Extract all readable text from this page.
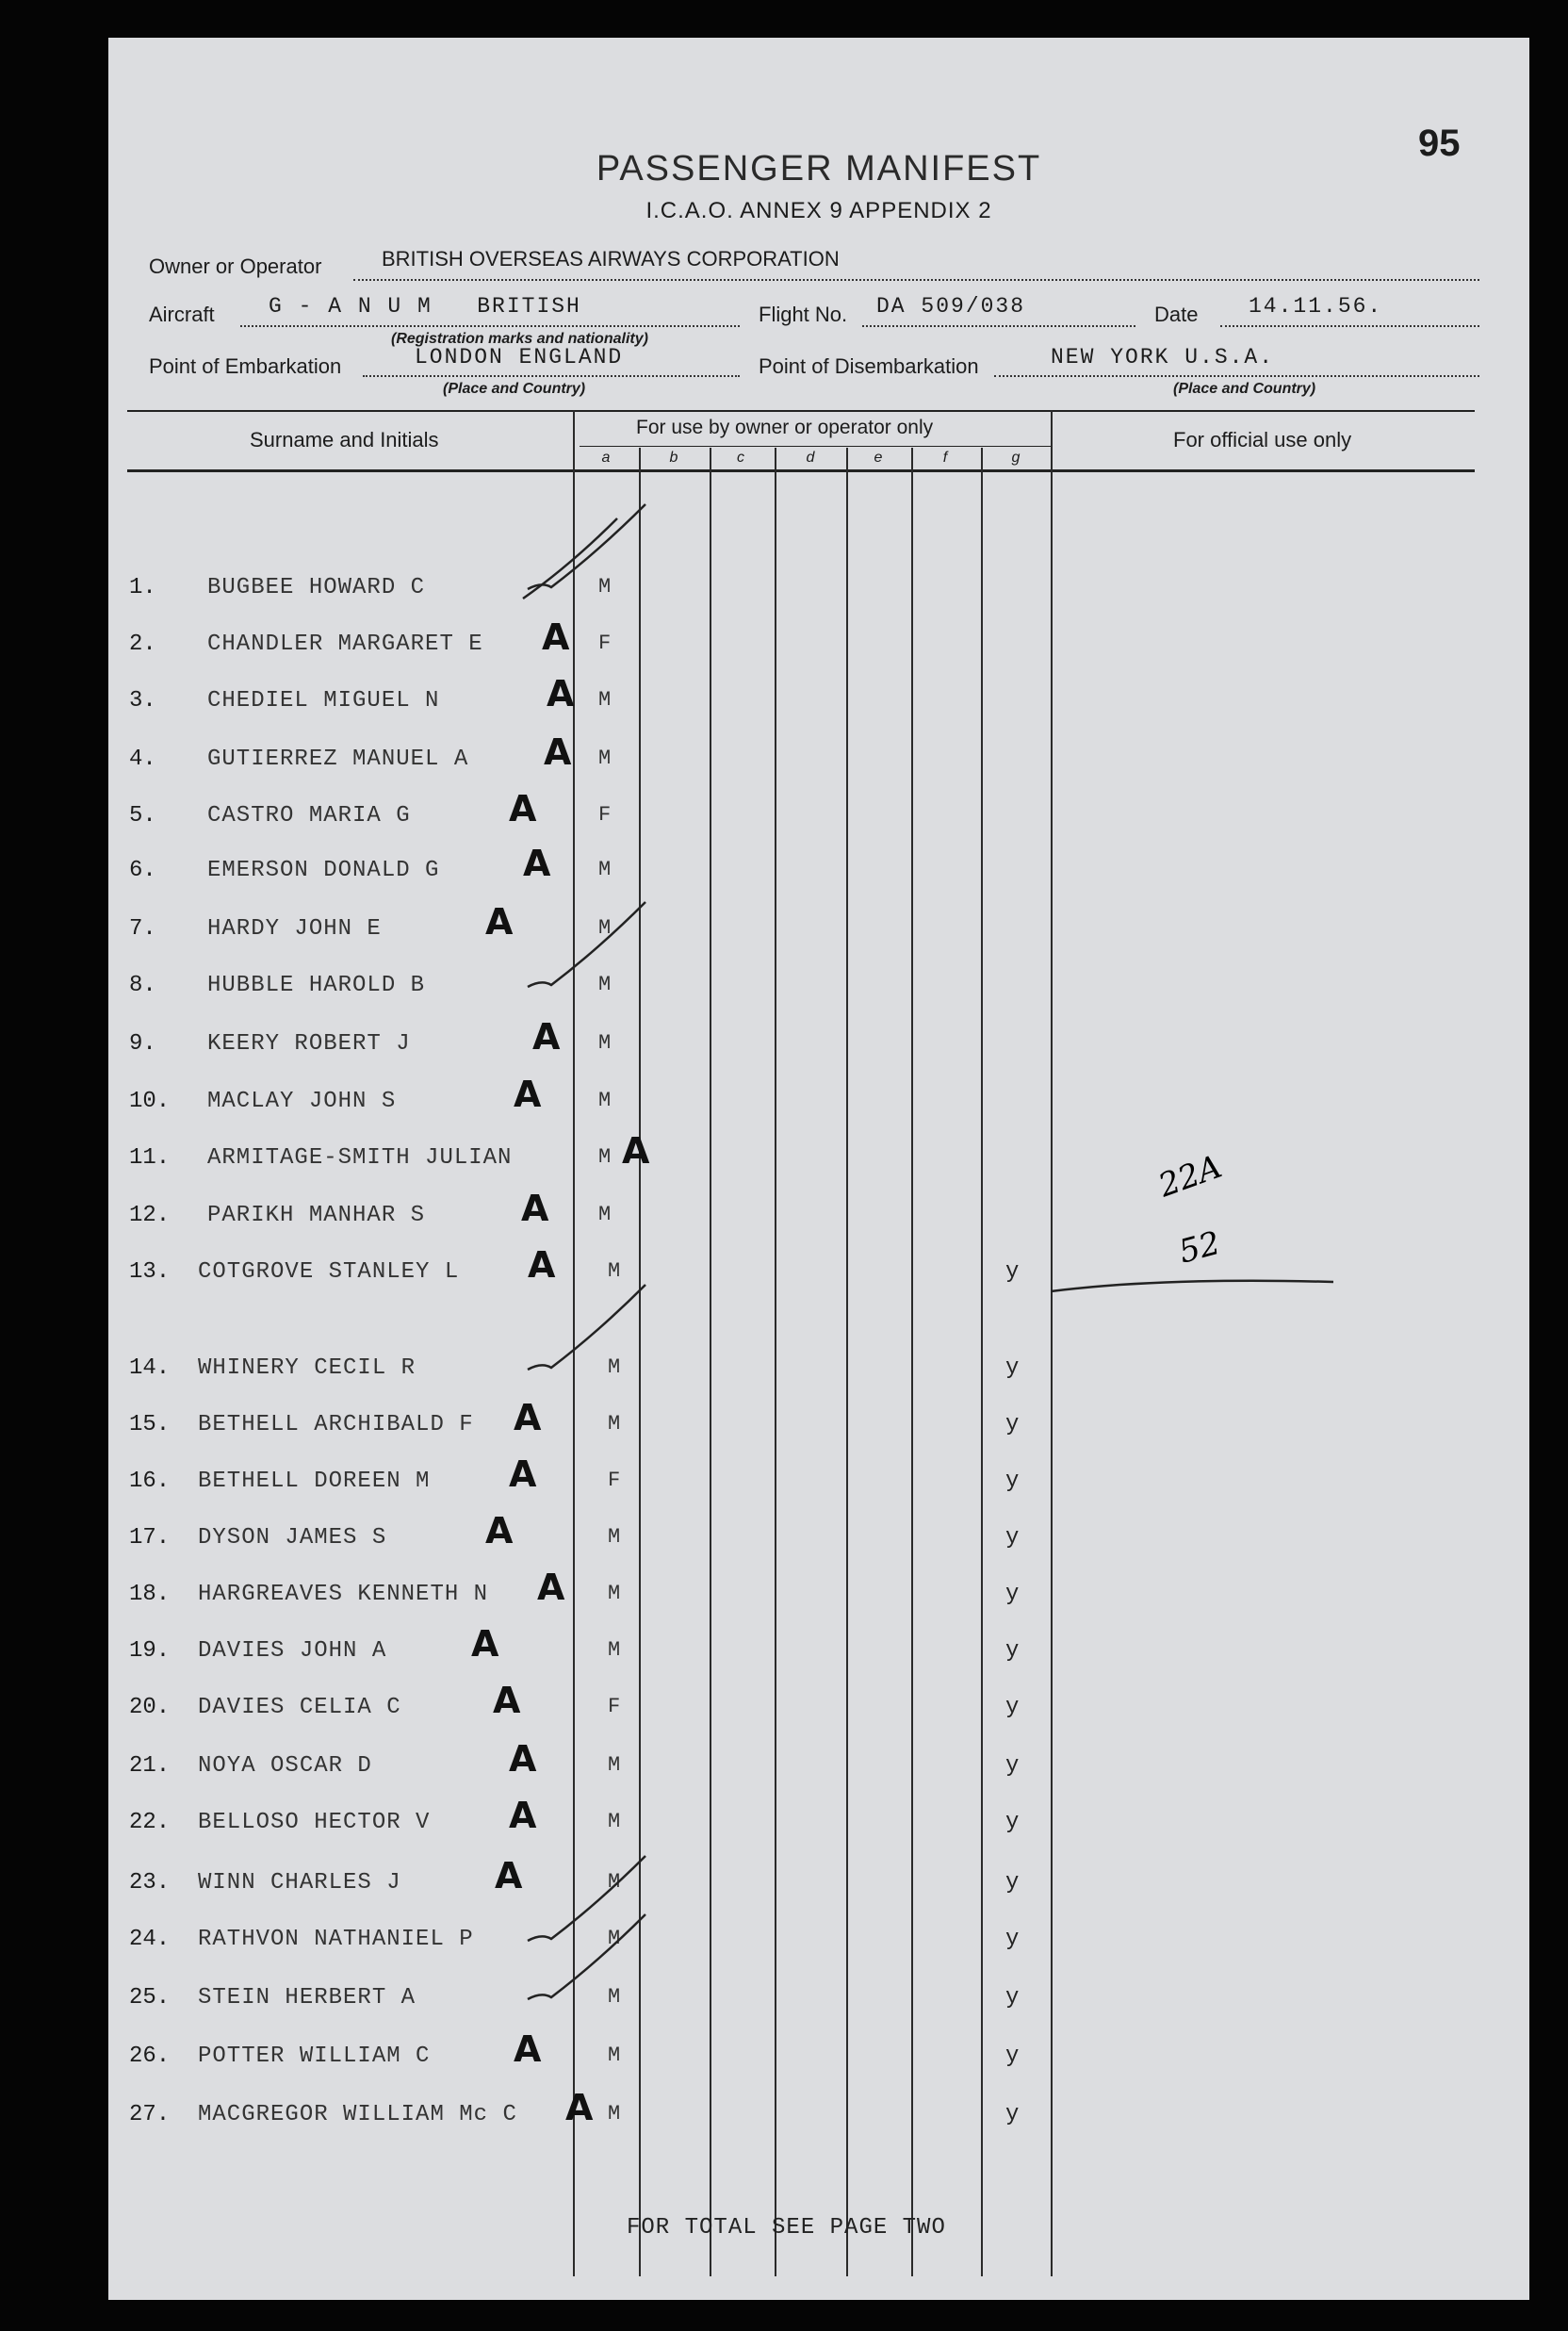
95
PASSENGER MANIFEST
I.C.A.O. ANNEX 9 APPENDIX 2
Owner or Operator	BRITISH OVERSEAS AIRWAYS CORPORATION
Aircraft G - A N U M   BRITISH
(Registration marks and nationality)
Flight No. DA 509/038	Date 14.11.56.
Point of Embarkation	LONDON ENGLAND
(Place and Country)
Point of Disembarkation	NEW YORK U.S.A.
(Place and Country)
Surname and Initials
For use by owner or operator only
For official use only
a	b	c	d	e	f	g
1. BUGBEE HOWARD C	M
2. CHANDLER MARGARET E	F
A
3. CHEDIEL MIGUEL N	M
A
4. GUTIERREZ MANUEL A	M
A
5. CASTRO MARIA G	F
A
6. EMERSON DONALD G	M
A
7. HARDY JOHN E	M
A
8. HUBBLE HAROLD B	M
9. KEERY ROBERT J	M
A
10. MACLAY JOHN S	M
A
11. ARMITAGE-SMITH JULIAN	M A
12. PARIKH MANHAR S	M
A
13. COTGROVE STANLEY L	M	y
A
14. WHINERY CECIL R	M	y
15. BETHELL ARCHIBALD F	M	y
A
16. BETHELL DOREEN M	F	y
A
17. DYSON JAMES S	M	y
A
18. HARGREAVES KENNETH N	M	y
A
19. DAVIES JOHN A	M	y
A
20. DAVIES CELIA C	F	y
A
21. NOYA OSCAR D	M	y
A
22. BELLOSO HECTOR V	M	y
A
23. WINN CHARLES J	M	y
A
24. RATHVON NATHANIEL P	M	y
25. STEIN HERBERT A	M	y
26. POTTER WILLIAM C	M	y
A
27. MACGREGOR WILLIAM Mc C	M	y
A
22A
52
FOR TOTAL SEE PAGE TWO
